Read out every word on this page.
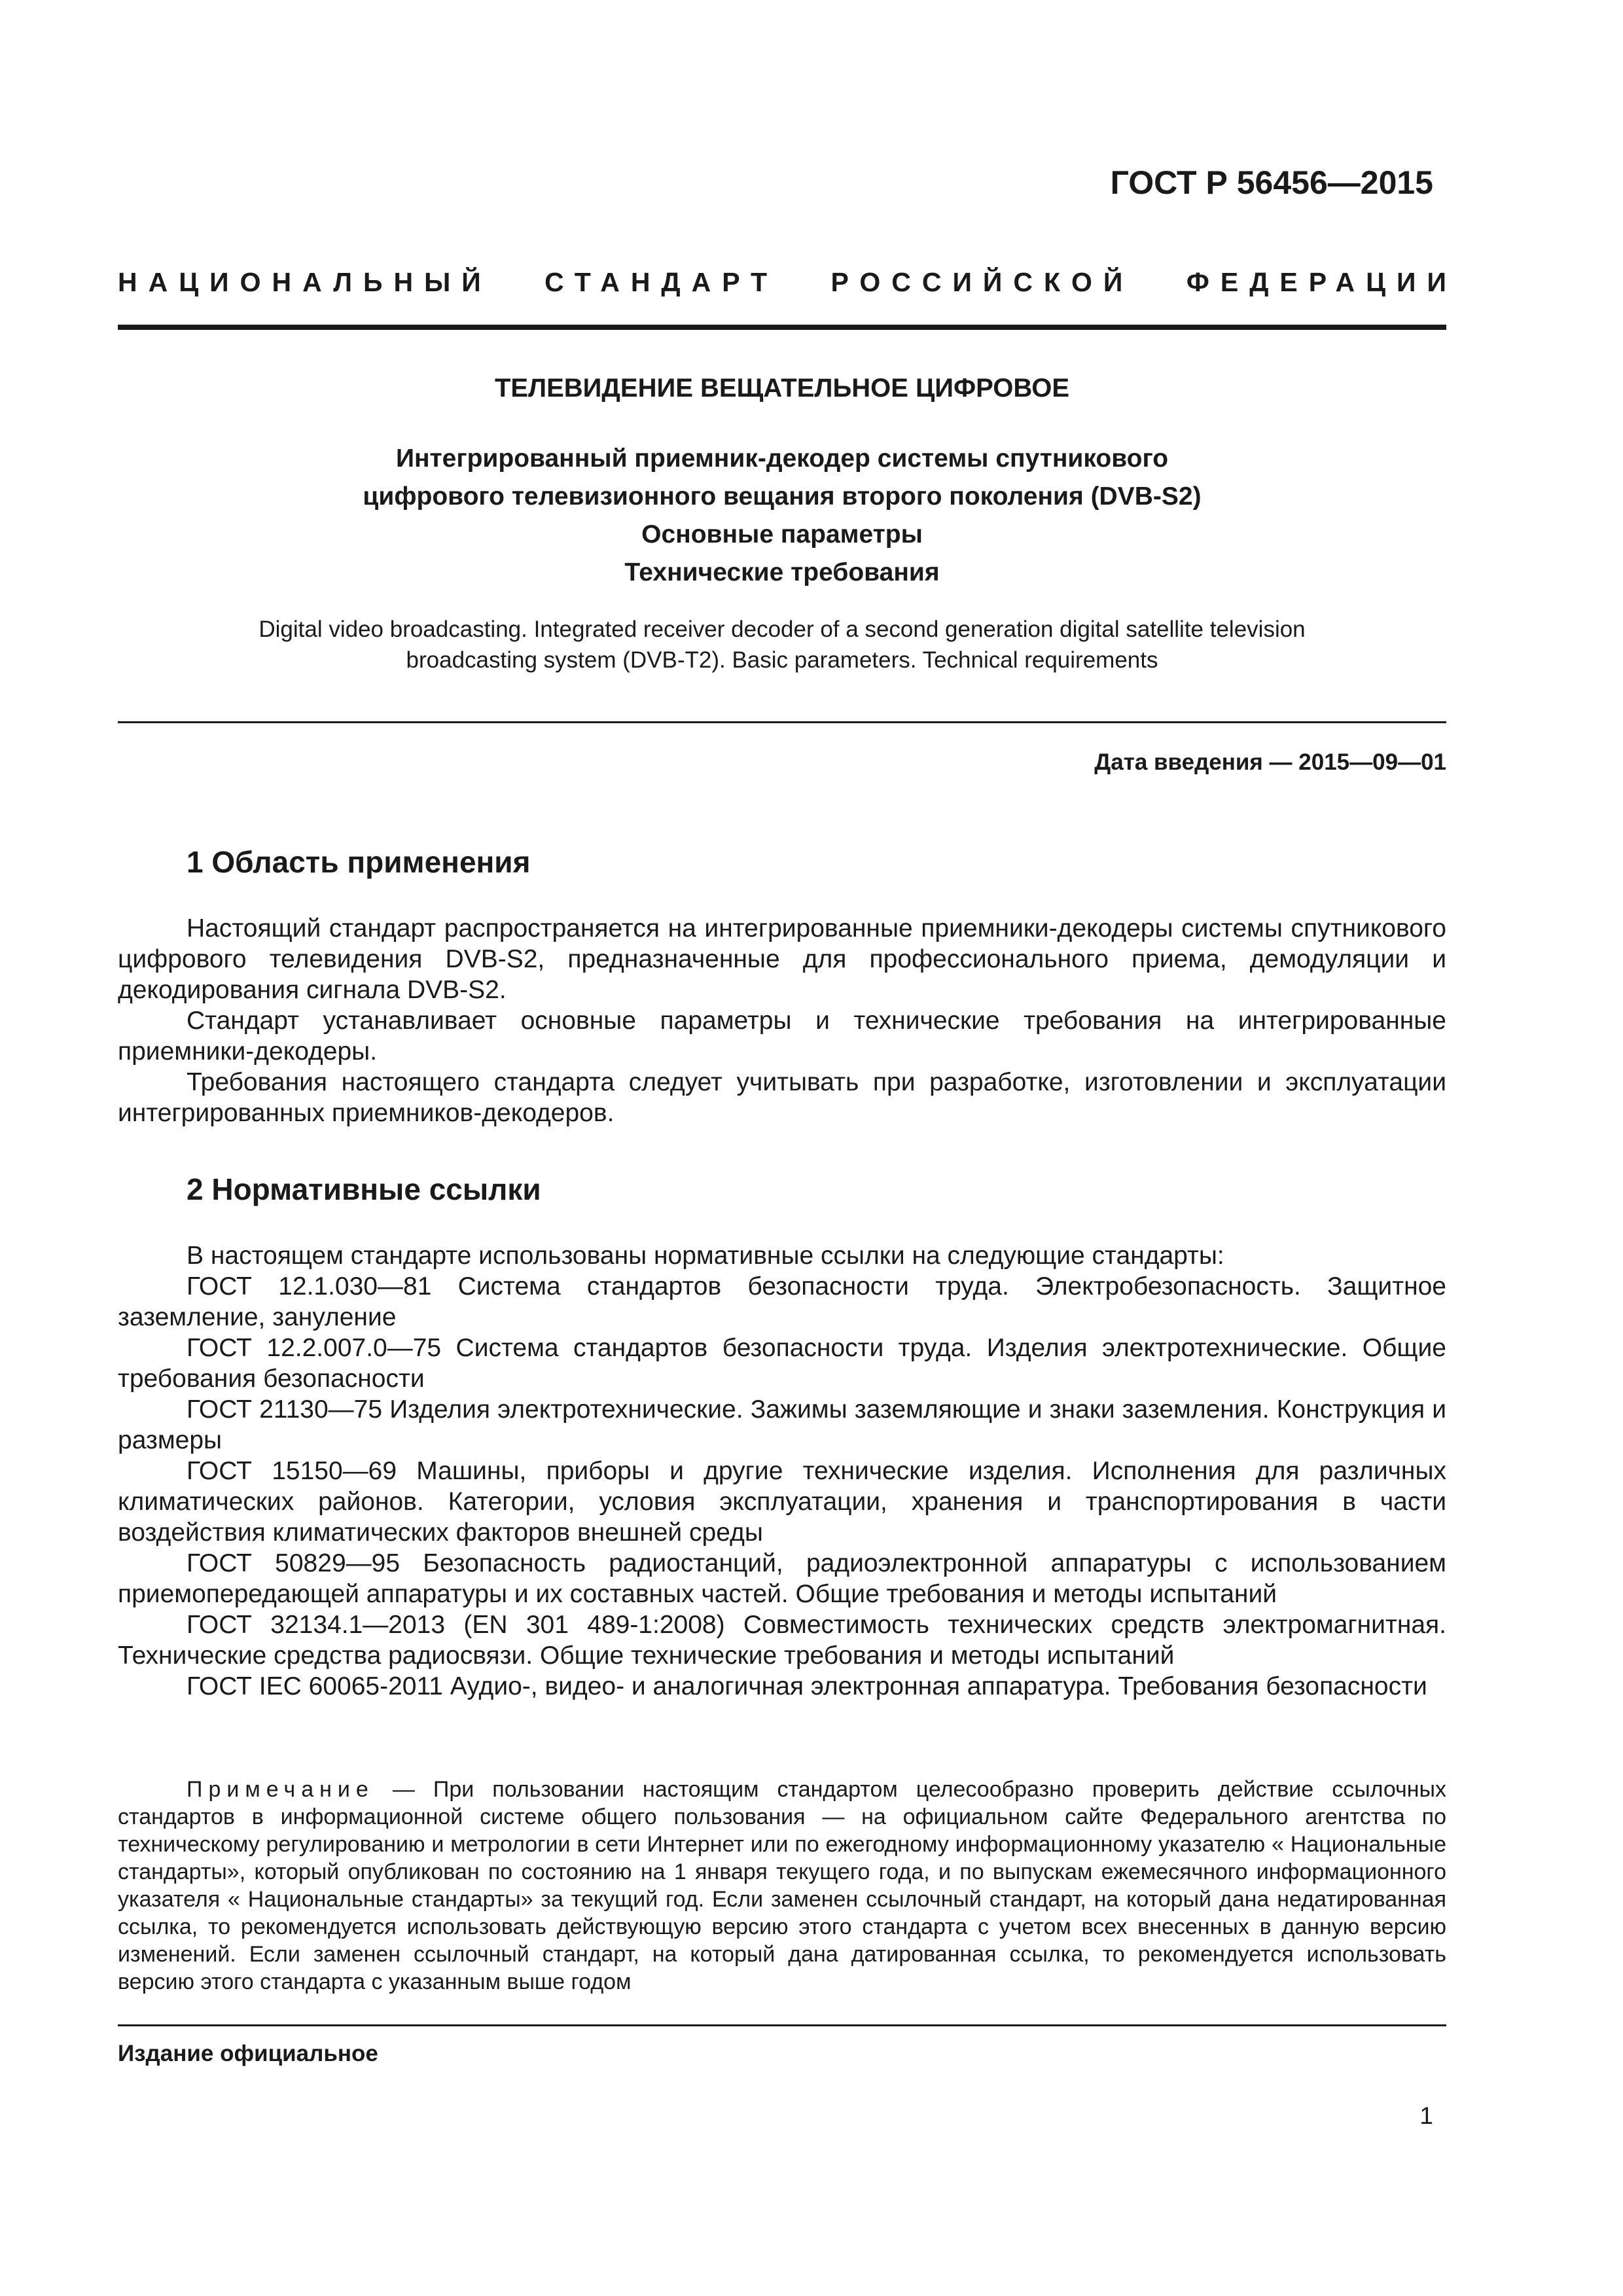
ГОСТ Р 56456—2015
НАЦИОНАЛЬНЫЙ СТАНДАРТ РОССИЙСКОЙ ФЕДЕРАЦИИ
ТЕЛЕВИДЕНИЕ ВЕЩАТЕЛЬНОЕ ЦИФРОВОЕ
Интегрированный приемник-декодер системы спутникового
цифрового телевизионного вещания второго поколения (DVB-S2)
Основные параметры
Технические требования
Digital video broadcasting. Integrated receiver decoder of a second generation digital satellite television
broadcasting system (DVB-T2). Basic parameters. Technical requirements
Дата введения — 2015—09—01
1 Область применения

Настоящий стандарт распространяется на интегрированные приемники-декодеры системы спутникового цифрового телевидения DVB-S2, предназначенные для профессионального приема, демодуляции и декодирования сигнала DVB-S2.

Стандарт устанавливает основные параметры и технические требования на интегрированные приемники-декодеры.

Требования настоящего стандарта следует учитывать при разработке, изготовлении и эксплуатации интегрированных приемников-декодеров.

2 Нормативные ссылки

В настоящем стандарте использованы нормативные ссылки на следующие стандарты:

ГОСТ 12.1.030—81 Система стандартов безопасности труда. Электробезопасность. Защитное заземление, зануление

ГОСТ 12.2.007.0—75 Система стандартов безопасности труда. Изделия электротехнические. Общие требования безопасности

ГОСТ 21130—75 Изделия электротехнические. Зажимы заземляющие и знаки заземления. Конструкция и размеры

ГОСТ 15150—69 Машины, приборы и другие технические изделия. Исполнения для различных климатических районов. Категории, условия эксплуатации, хранения и транспортирования в части воздействия климатических факторов внешней среды

ГОСТ 50829—95 Безопасность радиостанций, радиоэлектронной аппаратуры с использованием приемопередающей аппаратуры и их составных частей. Общие требования и методы испытаний

ГОСТ 32134.1—2013 (EN 301 489-1:2008) Совместимость технических средств электромагнитная. Технические средства радиосвязи. Общие технические требования и методы испытаний

ГОСТ IEC 60065-2011 Аудио-, видео- и аналогичная электронная аппаратура. Требования безопасности

Примечание — При пользовании настоящим стандартом целесообразно проверить действие ссылочных стандартов в информационной системе общего пользования — на официальном сайте Федерального агентства по техническому регулированию и метрологии в сети Интернет или по ежегодному информационному указателю « Национальные стандарты», который опубликован по состоянию на 1 января текущего года, и по выпускам ежемесячного информационного указателя « Национальные стандарты» за текущий год. Если заменен ссылочный стандарт, на который дана недатированная ссылка, то рекомендуется использовать действующую версию этого стандарта с учетом всех внесенных в данную версию изменений. Если заменен ссылочный стандарт, на который дана датированная ссылка, то рекомендуется использовать версию этого стандарта с указанным выше годом

Издание официальное
1
